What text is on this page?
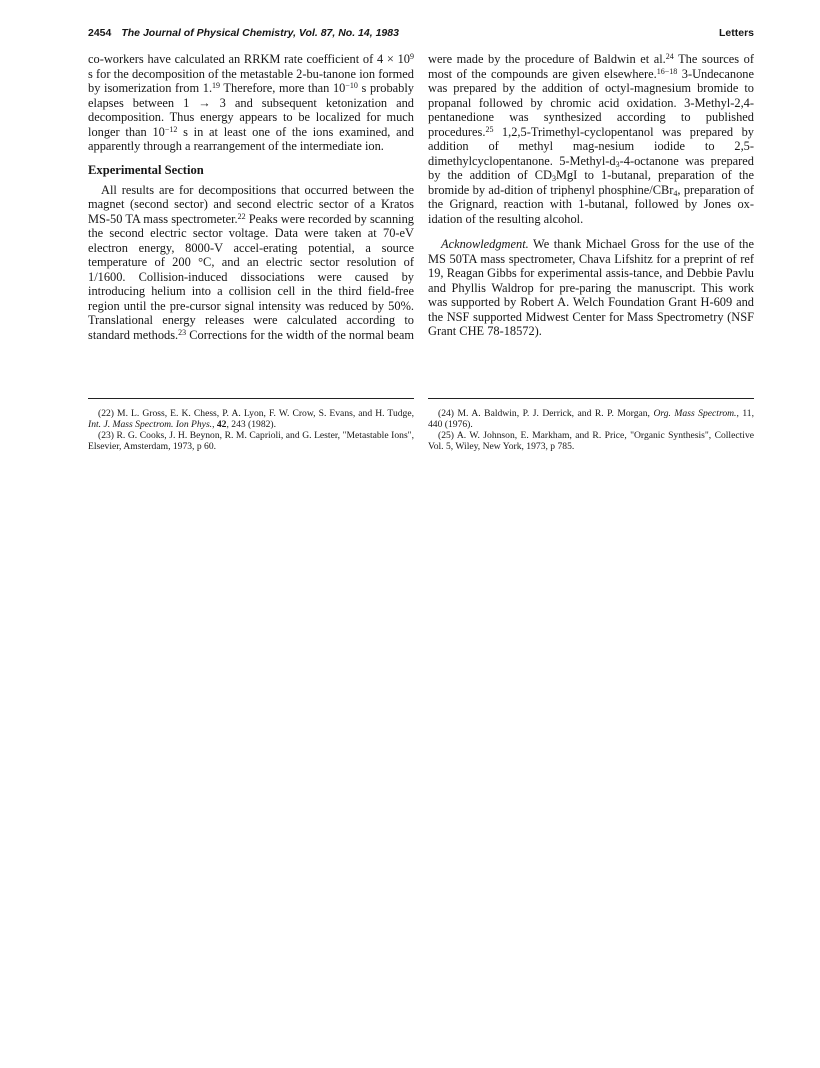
2454 The Journal of Physical Chemistry, Vol. 87, No. 14, 1983	Letters

co-workers have calculated an RRKM rate coefficient of $4 \times 10^9$ s for the decomposition of the metastable 2-bu-tanone ion formed by isomerization from 1.19 Therefore, more than $10^{-10}$ s probably elapses between 1 → 3 and subsequent ketonization and decomposition. Thus energy appears to be localized for much longer than $10^{-12}$ s in at least one of the ions examined, and apparently through a rearrangement of the intermediate ion.

Experimental Section

All results are for decompositions that occurred between the magnet (second sector) and second electric sector of a Kratos MS-50 TA mass spectrometer.$^{22}$ Peaks were recorded by scanning the second electric sector voltage. Data were taken at 70-eV electron energy, 8000-V accel-erating potential, a source temperature of 200 °C, and an electric sector resolution of 1/1600. Collision-induced dissociations were caused by introducing helium into a collision cell in the third field-free region until the pre-cursor signal intensity was reduced by 50%. Translational energy releases were calculated according to standard methods.$^{23}$ Corrections for the width of the normal beam

were made by the procedure of Baldwin et al.$^{24}$ The sources of most of the compounds are given elsewhere.$^{16-18}$ 3-Undecanone was prepared by the addition of octyl-magnesium bromide to propanal followed by chromic acid oxidation. 3-Methyl-2,4-pentanedione was synthesized according to published procedures.$^{25}$ 1,2,5-Trimethyl-cyclopentanol was prepared by addition of methyl mag-nesium iodide to 2,5-dimethylcyclopentanone. $5-Methyl-d_3-4$-octanone was prepared by the addition of $CD_3MgI$ to 1-butanal, preparation of the bromide by ad-dition of triphenyl phosphine/CBr$_4$, preparation of the Grignard, reaction with 1-butanal, followed by Jones ox-idation of the resulting alcohol.

Acknowledgment. We thank Michael Gross for the use of the MS 50TA mass spectrometer, Chava Lifshitz for a preprint of ref 19, Reagan Gibbs for experimental assis-tance, and Debbie Pavlu and Phyllis Waldrop for pre-paring the manuscript. This work was supported by Robert A. Welch Foundation Grant H-609 and the NSF supported Midwest Center for Mass Spectrometry (NSF Grant CHE 78-18572).

(22) M. L. Gross, E. K. Chess, P. A. Lyon, F. W. Crow, S. Evans, and H. Tudge, Int. J. Mass Spectrom. Ion Phys., 42, 243 (1982).

(23) R. G. Cooks, J. H. Beynon, R. M. Caprioli, and G. Lester, "Metastable Ions", Elsevier, Amsterdam, 1973, p 60.

(24) M. A. Baldwin, P. J. Derrick, and R. P. Morgan, Org. Mass Spectrom., 11, 440 (1976).

(25) A. W. Johnson, E. Markham, and R. Price, "Organic Synthesis", Collective Vol. 5, Wiley, New York, 1973, p 785.
